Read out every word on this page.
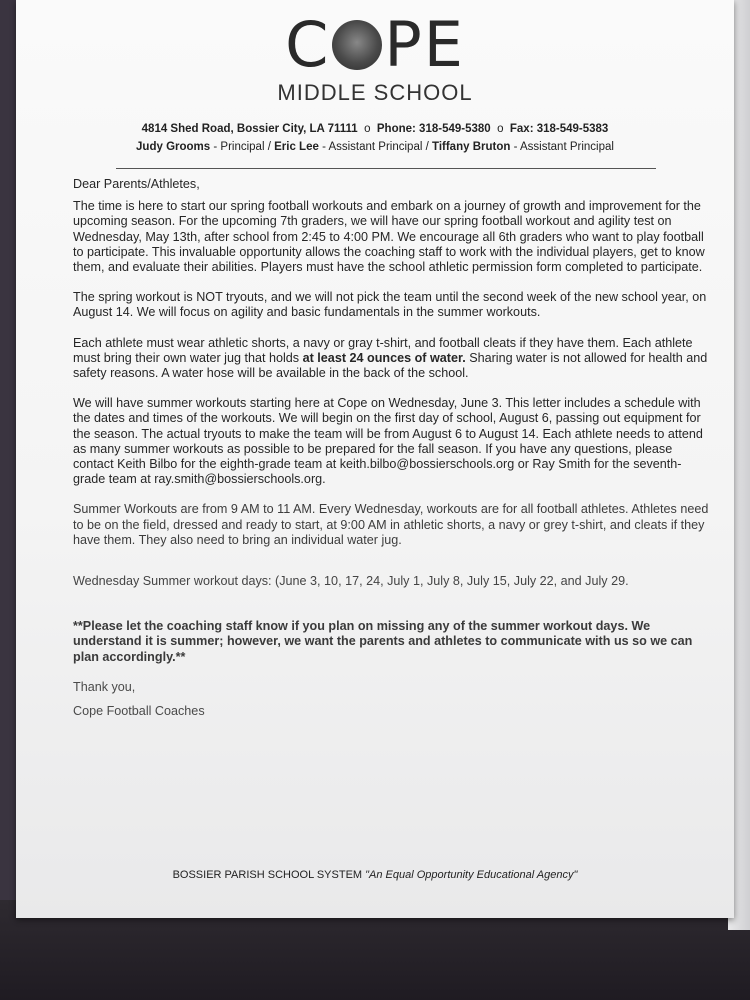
C PE
MIDDLE SCHOOL
4814 Shed Road, Bossier City, LA 71111 o Phone: 318-549-5380 o Fax: 318-549-5383
Judy Grooms - Principal / Eric Lee - Assistant Principal / Tiffany Bruton - Assistant Principal

Dear Parents/Athletes,

The time is here to start our spring football workouts and embark on a journey of growth and improvement for the upcoming season. For the upcoming 7th graders, we will have our spring football workout and agility test on Wednesday, May 13th, after school from 2:45 to 4:00 PM. We encourage all 6th graders who want to play football to participate. This invaluable opportunity allows the coaching staff to work with the individual players, get to know them, and evaluate their abilities. Players must have the school athletic permission form completed to participate.

The spring workout is NOT tryouts, and we will not pick the team until the second week of the new school year, on August 14. We will focus on agility and basic fundamentals in the summer workouts.

Each athlete must wear athletic shorts, a navy or gray t-shirt, and football cleats if they have them. Each athlete must bring their own water jug that holds at least 24 ounces of water. Sharing water is not allowed for health and safety reasons. A water hose will be available in the back of the school.

We will have summer workouts starting here at Cope on Wednesday, June 3. This letter includes a schedule with the dates and times of the workouts. We will begin on the first day of school, August 6, passing out equipment for the season. The actual tryouts to make the team will be from August 6 to August 14. Each athlete needs to attend as many summer workouts as possible to be prepared for the fall season. If you have any questions, please contact Keith Bilbo for the eighth-grade team at keith.bilbo@bossierschools.org or Ray Smith for the seventh-grade team at ray.smith@bossierschools.org.

Summer Workouts are from 9 AM to 11 AM. Every Wednesday, workouts are for all football athletes. Athletes need to be on the field, dressed and ready to start, at 9:00 AM in athletic shorts, a navy or grey t-shirt, and cleats if they have them. They also need to bring an individual water jug.

Wednesday Summer workout days: (June 3, 10, 17, 24, July 1, July 8, July 15, July 22, and July 29.

**Please let the coaching staff know if you plan on missing any of the summer workout days. We understand it is summer; however, we want the parents and athletes to communicate with us so we can plan accordingly.**

Thank you,

Cope Football Coaches

BOSSIER PARISH SCHOOL SYSTEM "An Equal Opportunity Educational Agency"
